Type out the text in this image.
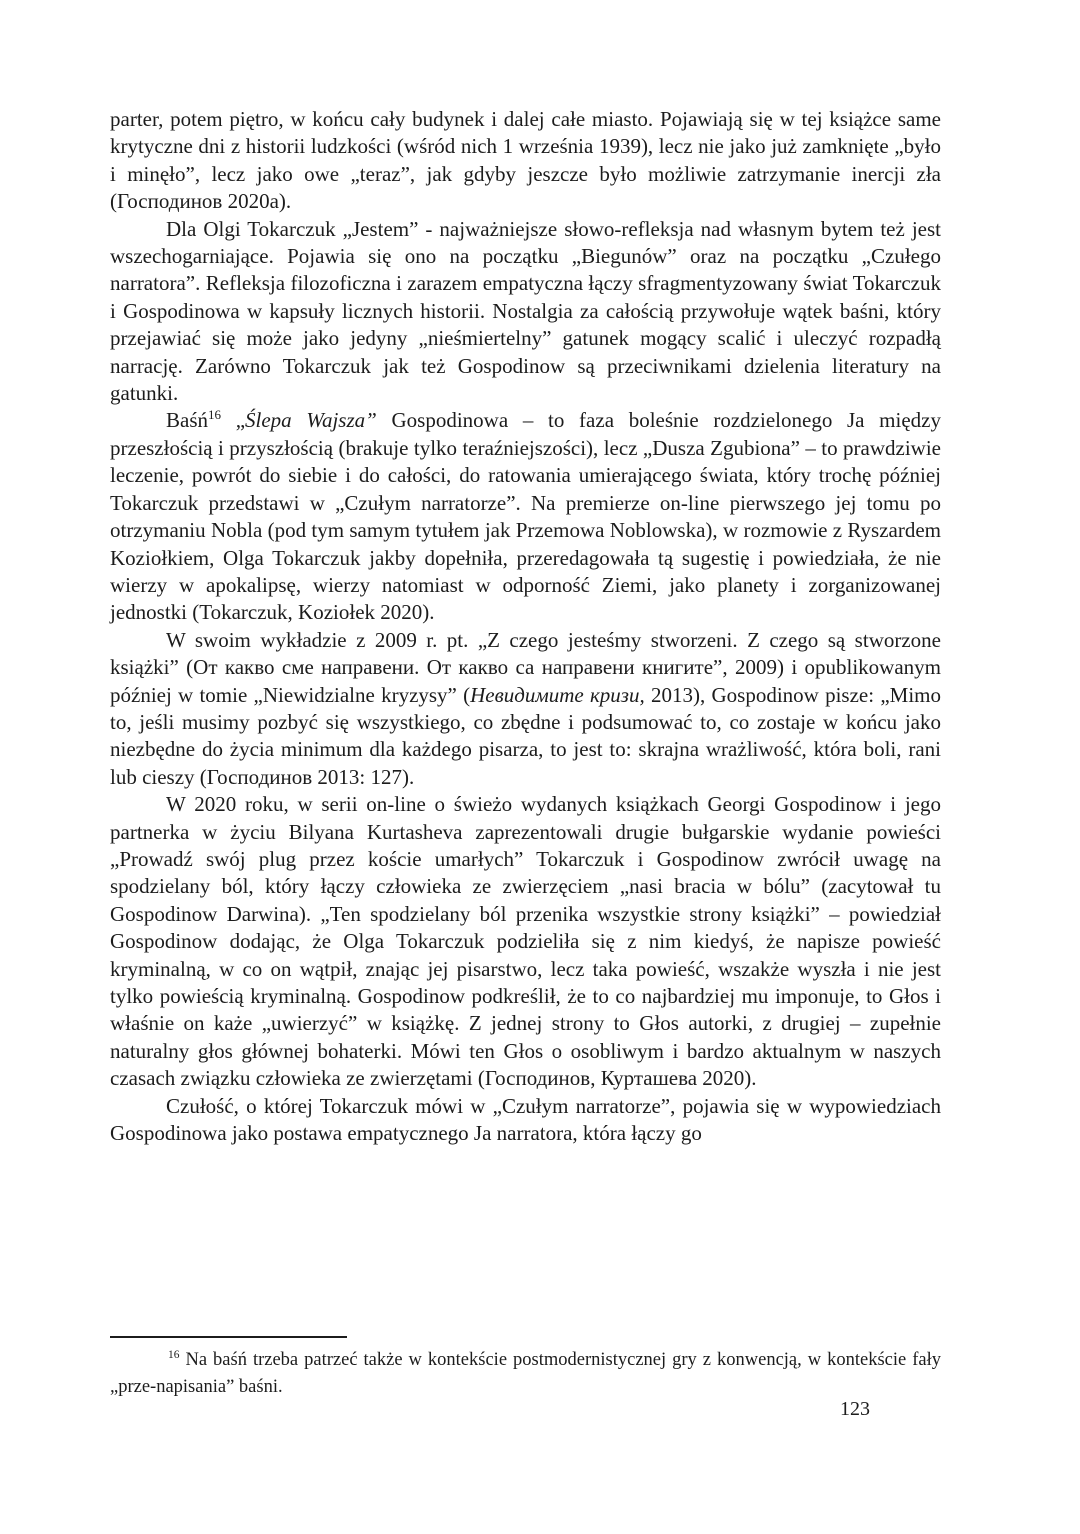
parter, potem piętro, w końcu cały budynek i dalej całe miasto. Pojawiają się w tej książce same krytyczne dni z historii ludzkości (wśród nich 1 września 1939), lecz nie jako już zamknięte „było i minęło”, lecz jako owe „teraz”, jak gdyby jeszcze było możliwie zatrzymanie inercji zła (Господинов 2020a).

Dla Olgi Tokarczuk „Jestem” - najważniejsze słowo-refleksja nad własnym bytem też jest wszechogarniające. Pojawia się ono na początku „Biegunów” oraz na początku „Czułego narratora”. Refleksja filozoficzna i zarazem empatyczna łączy sfragmentyzowany świat Tokarczuk i Gospodinowa w kapsuły licznych historii. Nostalgia za całością przywołuje wątek baśni, który przejawiać się może jako jedyny „nieśmiertelny” gatunek mogący scalić i uleczyć rozpadłą narrację. Zarówno Tokarczuk jak też Gospodinow są przeciwnikami dzielenia literatury na gatunki.

Baśń$^{16}$ „Ślepa Wajsza” Gospodinowa – to faza boleśnie rozdzielonego Ja między przeszłością i przyszłością (brakuje tylko teraźniejszości), lecz „Dusza Zgubiona” – to prawdziwie leczenie, powrót do siebie i do całości, do ratowania umierającego świata, który trochę później Tokarczuk przedstawi w „Czułym narratorze”. Na premierze on-line pierwszego jej tomu po otrzymaniu Nobla (pod tym samym tytułem jak Przemowa Noblowska), w rozmowie z Ryszardem Koziołkiem, Olga Tokarczuk jakby dopełniła, przeredagowała tą sugestię i powiedziała, że nie wierzy w apokalipsę, wierzy natomiast w odporność Ziemi, jako planety i zorganizowanej jednostki (Tokarczuk, Koziołek 2020).

W swoim wykładzie z 2009 r. pt. „Z czego jesteśmy stworzeni. Z czego są stworzone książki” (От какво сме направени. От какво са направени книгите”, 2009) i opublikowanym później w tomie „Niewidzialne kryzysy” (Невидимите кризи, 2013), Gospodinow pisze: „Mimo to, jeśli musimy pozbyć się wszystkiego, co zbędne i podsumować to, co zostaje w końcu jako niezbędne do życia minimum dla każdego pisarza, to jest to: skrajna wrażliwość, która boli, rani lub cieszy (Господинов 2013: 127).

W 2020 roku, w serii on-line o świeżo wydanych książkach Georgi Gospodinow i jego partnerka w życiu Bilyana Kurtasheva zaprezentowali drugie bułgarskie wydanie powieści „Prowadź swój plug przez koście umarłych” Tokarczuk i Gospodinow zwrócił uwagę na spodzielany ból, który łączy człowieka ze zwierzęciem „nasi bracia w bólu” (zacytował tu Gospodinow Darwina). „Ten spodzielany ból przenika wszystkie strony książki” – powiedział Gospodinow dodając, że Olga Tokarczuk podzieliła się z nim kiedyś, że napisze powieść kryminalną, w co on wątpił, znając jej pisarstwo, lecz taka powieść, wszakże wyszła i nie jest tylko powieścią kryminalną. Gospodinow podkreślił, że to co najbardziej mu imponuje, to Głos i właśnie on każe „uwierzyć” w książkę. Z jednej strony to Głos autorki, z drugiej – zupełnie naturalny głos głównej bohaterki. Mówi ten Głos o osobliwym i bardzo aktualnym w naszych czasach związku człowieka ze zwierzętami (Господинов, Курташева 2020).

Czułość, o której Tokarczuk mówi w „Czułym narratorze”, pojawia się w wypowiedziach Gospodinowa jako postawa empatycznego Ja narratora, która łączy go

$^{16}$ Na baśń trzeba patrzeć także w kontekście postmodernistycznej gry z konwencją, w kontekście fały „prze-napisania” baśni.

123
